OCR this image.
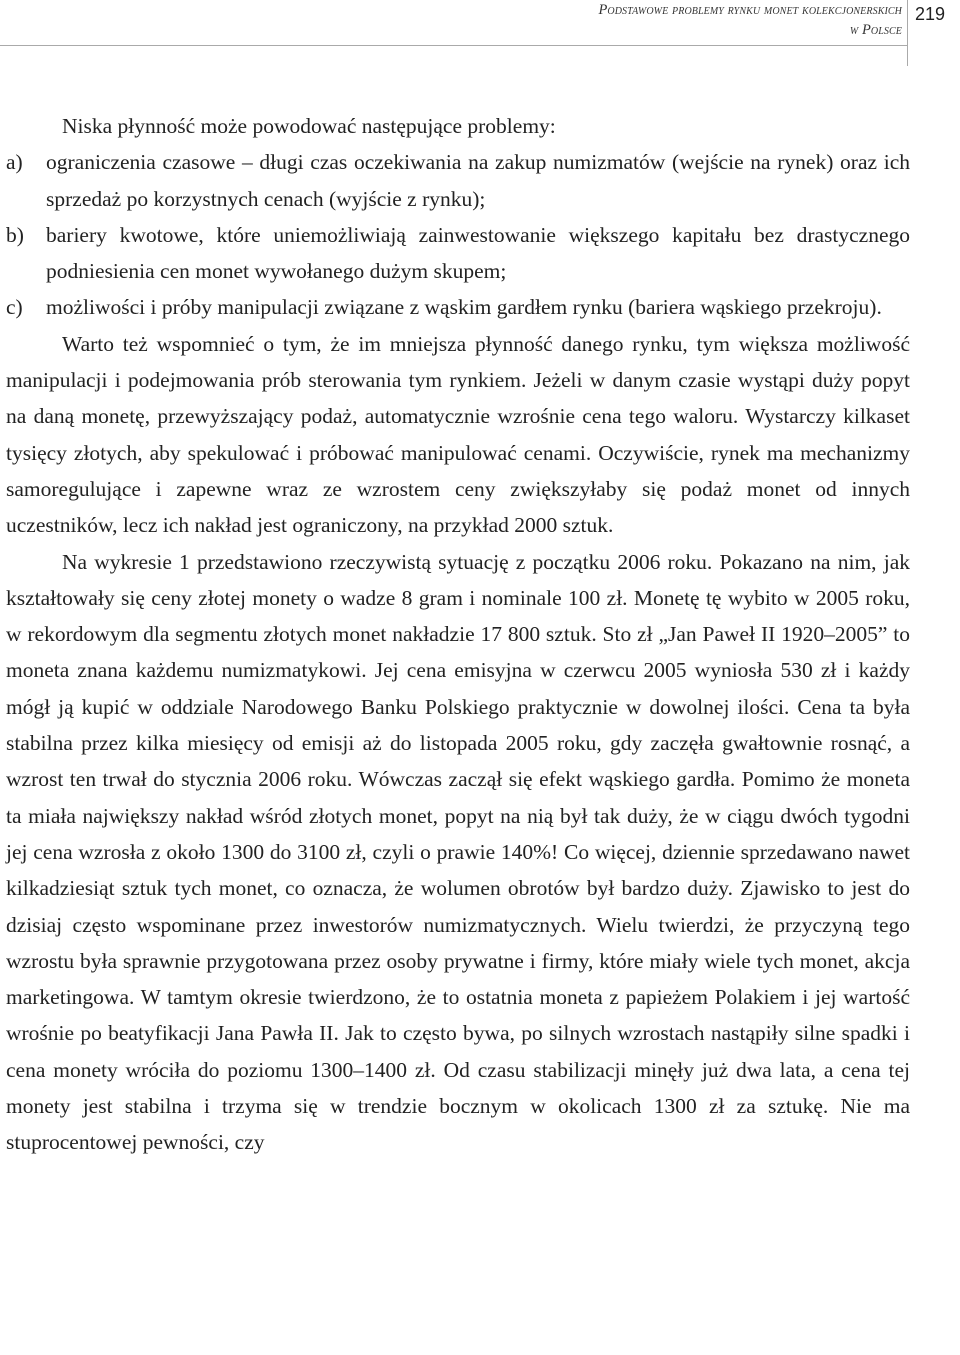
Podstawowe problemy rynku monet kolekcjonerskich
w Polsce
219

Niska płynność może powodować następujące problemy:

a) ograniczenia czasowe – długi czas oczekiwania na zakup numizmatów (wejście na rynek) oraz ich sprzedaż po korzystnych cenach (wyjście z rynku);

b) bariery kwotowe, które uniemożliwiają zainwestowanie większego kapitału bez drastycznego podniesienia cen monet wywołanego dużym skupem;

c) możliwości i próby manipulacji związane z wąskim gardłem rynku (bariera wąskiego przekroju).

Warto też wspomnieć o tym, że im mniejsza płynność danego rynku, tym większa możliwość manipulacji i podejmowania prób sterowania tym rynkiem. Jeżeli w danym czasie wystąpi duży popyt na daną monetę, przewyższający podaż, automatycznie wzrośnie cena tego waloru. Wystarczy kilkaset tysięcy złotych, aby spekulować i próbować manipulować cenami. Oczywiście, rynek ma mechanizmy samoregulujące i zapewne wraz ze wzrostem ceny zwiększyłaby się podaż monet od innych uczestników, lecz ich nakład jest ograniczony, na przykład 2000 sztuk.

Na wykresie 1 przedstawiono rzeczywistą sytuację z początku 2006 roku. Pokazano na nim, jak kształtowały się ceny złotej monety o wadze 8 gram i nominale 100 zł. Monetę tę wybito w 2005 roku, w rekordowym dla segmentu złotych monet nakładzie 17 800 sztuk. Sto zł „Jan Paweł II 1920–2005” to moneta znana każdemu numizmatykowi. Jej cena emisyjna w czerwcu 2005 wyniosła 530 zł i każdy mógł ją kupić w oddziale Narodowego Banku Polskiego praktycznie w dowolnej ilości. Cena ta była stabilna przez kilka miesięcy od emisji aż do listopada 2005 roku, gdy zaczęła gwałtownie rosnąć, a wzrost ten trwał do stycznia 2006 roku. Wówczas zaczął się efekt wąskiego gardła. Pomimo że moneta ta miała największy nakład wśród złotych monet, popyt na nią był tak duży, że w ciągu dwóch tygodni jej cena wzrosła z około 1300 do 3100 zł, czyli o prawie 140%! Co więcej, dziennie sprzedawano nawet kilkadziesiąt sztuk tych monet, co oznacza, że wolumen obrotów był bardzo duży. Zjawisko to jest do dzisiaj często wspominane przez inwestorów numizmatycznych. Wielu twierdzi, że przyczyną tego wzrostu była sprawnie przygotowana przez osoby prywatne i firmy, które miały wiele tych monet, akcja marketingowa. W tamtym okresie twierdzono, że to ostatnia moneta z papieżem Polakiem i jej wartość wrośnie po beatyfikacji Jana Pawła II. Jak to często bywa, po silnych wzrostach nastąpiły silne spadki i cena monety wróciła do poziomu 1300–1400 zł. Od czasu stabilizacji minęły już dwa lata, a cena tej monety jest stabilna i trzyma się w trendzie bocznym w okolicach 1300 zł za sztukę. Nie ma stuprocentowej pewności, czy
